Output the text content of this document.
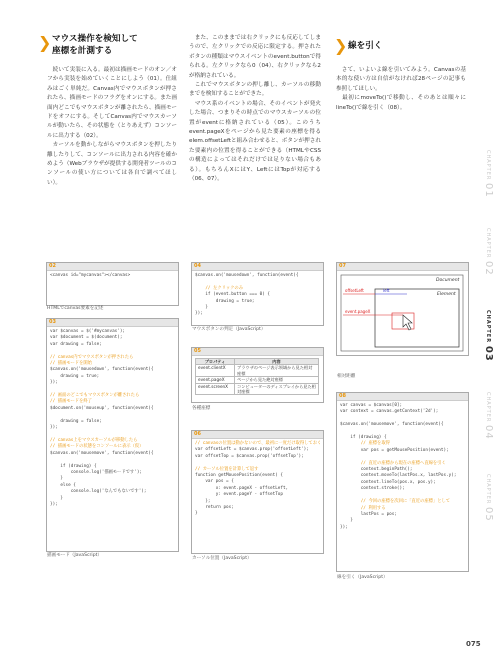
❯ マウス操作を検知して
座標を計測する
　続いて実装に入る。最初は描画モードのオン／オフから実装を始めていくことにしよう（01）。仕組みはごく単純だ。Canvas内でマウスボタンが押されたら、描画モードのフラグをオンにする。また画面内どこでもマウスボタンが離されたら、描画モードをオフにする。そしてCanvas内でマウスカーソルが動いたら、その状態を（とりあえず）コンソールに出力する（02）。
　カーソルを動かしながらマウスボタンを押したり離したりして、コンソールに出力される内容を確かめよう（Webブラウザが提供する開発者ツールのコンソールの使い方については各自で調べてほしい）。
　また、このままでは右クリックにも反応してしまうので、左クリックでの反応に限定する。押されたボタンの種類はマウスイベントのevent.buttonで得られる。左クリックなら0（04）、右クリックなら2が格納されている。
　これでマウスボタンの押し離し、カーソルの移動までを検知することができた。
　マウス系のイベントの場合、そのイベントが発火した場合、つまりその時点でのマウスカーソルの位置がeventに格納されている（05）。このうちevent.pageXをページから見た要素の座標を得るelem.offsetLeftと組み合わせると、ボタンが押された要素内の位置を得ることができる（HTMLやCSSの構造によってはそれだけでは足りない場合もある）。もちろんXにはY、LeftにはTopが対応する（06、07）。
❯ 線を引く
　さて、いよいよ線を引いてみよう。Canvasの基本的な使い方は自信がなければ28ページの記事も参照してほしい。
　最初にmoveTo()で移動し、そのあとは順々にlineTo()で線を引く（08）。
02
<canvas id="mycanvas"></canvas>
HTMLでcanvas要素を記述
03
var $canvas = $('#mycanvas');
var $document = $(document);
var drawing = false;

// canvas内でマウスボタンが押されたら
// 描画モードを開始
$canvas.on('mousedown', function(event){
drawing = true;
});

// 画面のどこでもマウスボタンが離されたら
// 描画モードを終了
$document.on('mouseup', function(event){

drawing = false;
});

// canvas上をマウスカーソルが移動したら
// 描画モードの状態をコンソールに表示（仮）
$canvas.on('mousemove', function(event){

if (drawing) {
console.log('描画モードです');
}
else {
console.log('なんでもないです');
}
});
描画モード（JavaScript）
04
$canvas.on('mousedown', function(event){

// 左クリックのみ
if (event.button === 0) {
drawing = true;
}
});
マウスボタンの判定（JavaScript）
05
プロパティ	内容
event.clientX	ブラウザのページ表示領域から見た相対座標
event.pageX	ページから見た絶対座標
event.screenX	コンピューターのディスプレイから見た相対座標
各種座標
06
// canvasの位置は動かないので、最初に一度だけ取得しておく
var offsetLeft = $canvas.prop('offsetLeft');
var offsetTop = $canvas.prop('offsetTop');

// カーソル位置を計算して返す
function getMousePosition(event) {
var pos = {
x: event.pageX - offsetLeft,
y: event.pageY - offsetTop
};
return pos;
}
カーソル位置（JavaScript）
07
Document
Element
offsetLeft	left
event.pageX
相対距離
08
var canvas = $canvas[0];
var context = canvas.getContext('2d');

$canvas.on('mousemove', function(event){

if (drawing) {
// 座標を取得
var pos = getMousePosition(event);

// 直近の座標から現在の座標へ直線を引く
context.beginPath();
context.moveTo(lastPos.x, lastPos.y);
context.lineTo(pos.x, pos.y);
context.stroke();

// 今回の座標を次回に「直近の座標」として
// 利用する
lastPos = pos;
}
});
線を引く（JavaScript）
CHAPTER 01
CHAPTER 02
CHAPTER 03
CHAPTER 04
CHAPTER 05
075
